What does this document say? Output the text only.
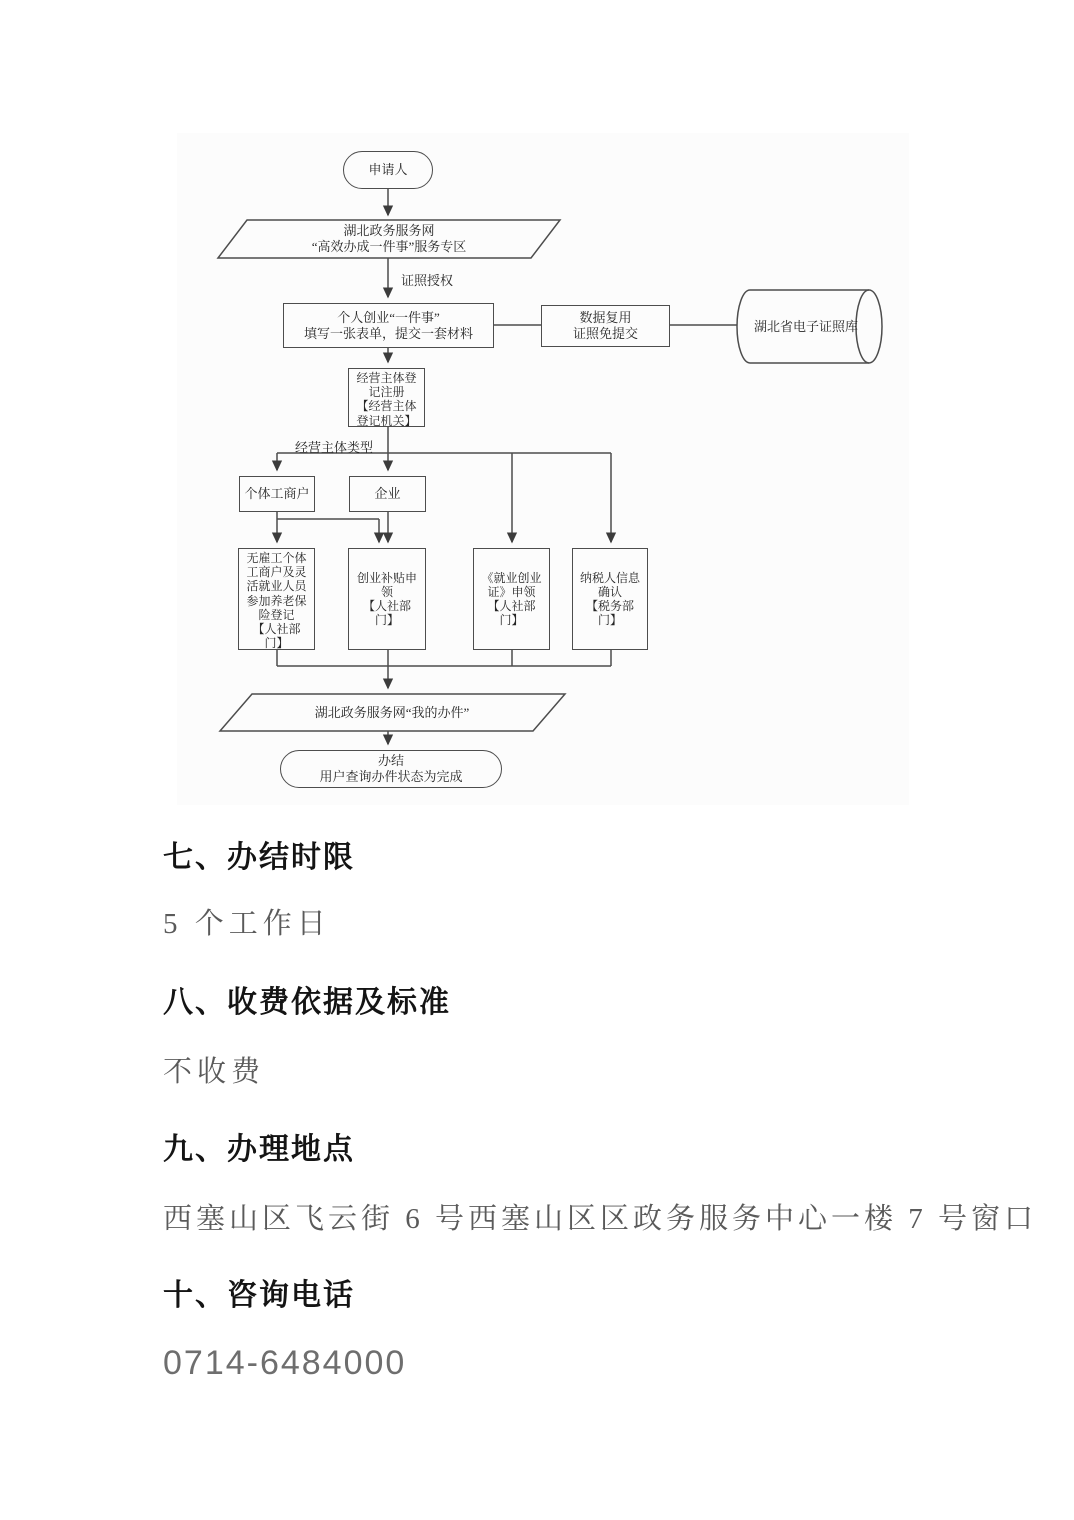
申请人
湖北政务服务网
“高效办成一件事”服务专区
证照授权
个人创业“一件事”
填写一张表单，提交一套材料
数据复用
证照免提交	湖北省电子证照库
经营主体登
记注册
【经营主体
登记机关】
经营主体类型
个体工商户	企业
无雇工个体
工商户及灵
活就业人员
参加养老保
险登记
【人社部
门】
创业补贴申
领
【人社部
门】
《就业创业
证》申领
【人社部
门】
纳税人信息
确认
【税务部
门】
湖北政务服务网“我的办件”
办结
用户查询办件状态为完成
七、办结时限

5 个工作日

八、收费依据及标准

不收费

九、办理地点

西塞山区飞云街 6 号西塞山区区政务服务中心一楼 7 号窗口

十、咨询电话

0714-6484000
